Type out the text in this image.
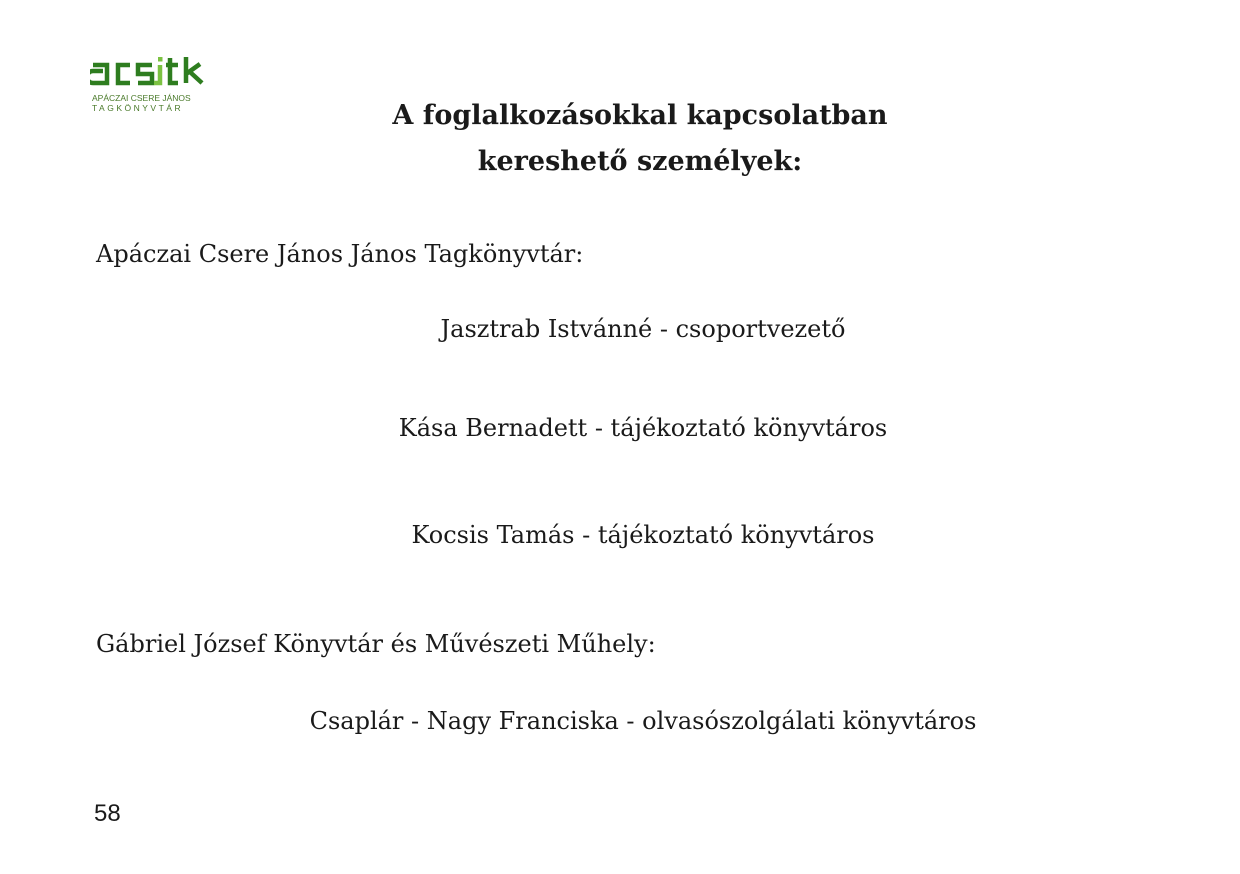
APÁCZAI CSERE JÁNOS
TAGKÖNYVTÁR	A foglalkozásokkal kapcsolatban
kereshető személyek:
Apáczai Csere János János Tagkönyvtár:
Jasztrab Istvánné - csoportvezető
Kása Bernadett - tájékoztató könyvtáros
Kocsis Tamás - tájékoztató könyvtáros
Gábriel József Könyvtár és Művészeti Műhely:
Csaplár - Nagy Franciska - olvasószolgálati könyvtáros
58
